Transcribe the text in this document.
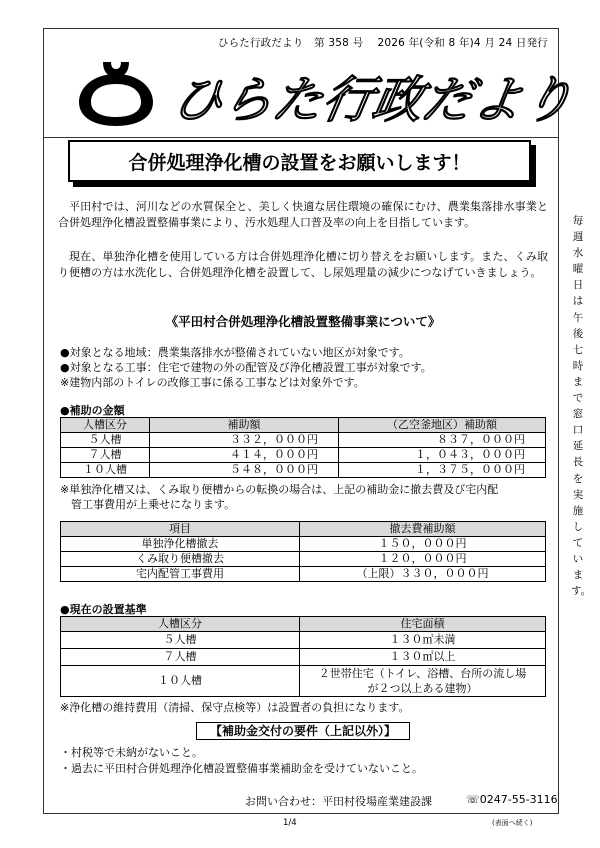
ひらた行政だより　第 358 号　 2026 年(令和 8 年)4 月 24 日発行
ひらた行政だより
合併処理浄化槽の設置をお願いします！
平田村では、河川などの水質保全と、美しく快適な居住環境の確保にむけ、農業集落排水事業と合併処理浄化槽設置整備事業により、汚水処理人口普及率の向上を目指しています。
現在、単独浄化槽を使用している方は合併処理浄化槽に切り替えをお願いします。また、くみ取り便槽の方は水洗化し、合併処理浄化槽を設置して、し尿処理量の減少につなげていきましょう。
《平田村合併処理浄化槽設置整備事業について》
●対象となる地域：農業集落排水が整備されていない地区が対象です。
●対象となる工事：住宅で建物の外の配管及び浄化槽設置工事が対象です。
※建物内部のトイレの改修工事に係る工事などは対象外です。
●補助の金額
人槽区分	補助額	（乙空釜地区）補助額
５人槽	３３２，０００円	８３７，０００円
７人槽	４１４，０００円	１，０４３，０００円
１０人槽	５４８，０００円	１，３７５，０００円
※単独浄化槽又は、くみ取り便槽からの転換の場合は、上記の補助金に撤去費及び宅内配
管工事費用が上乗せになります。
項目	撤去費補助額
単独浄化槽撤去	１５０，０００円
くみ取り便槽撤去	１２０，０００円
宅内配管工事費用	（上限）３３０，０００円
●現在の設置基準
人槽区分	住宅面積
５人槽	１３０㎡未満
７人槽	１３０㎡以上
１０人槽	２世帯住宅（トイレ、浴槽、台所の流し場
が２つ以上ある建物）
※浄化槽の維持費用（清掃、保守点検等）は設置者の負担になります。
【補助金交付の要件（上記以外）】
・村税等で未納がないこと。
・過去に平田村合併処理浄化槽設置整備事業補助金を受けていないこと。
お問い合わせ：平田村役場産業建設課	☏0247-55-3116
1/4	(表面へ続く)
毎週水曜日は午後七時まで窓口延長を実施しています。
